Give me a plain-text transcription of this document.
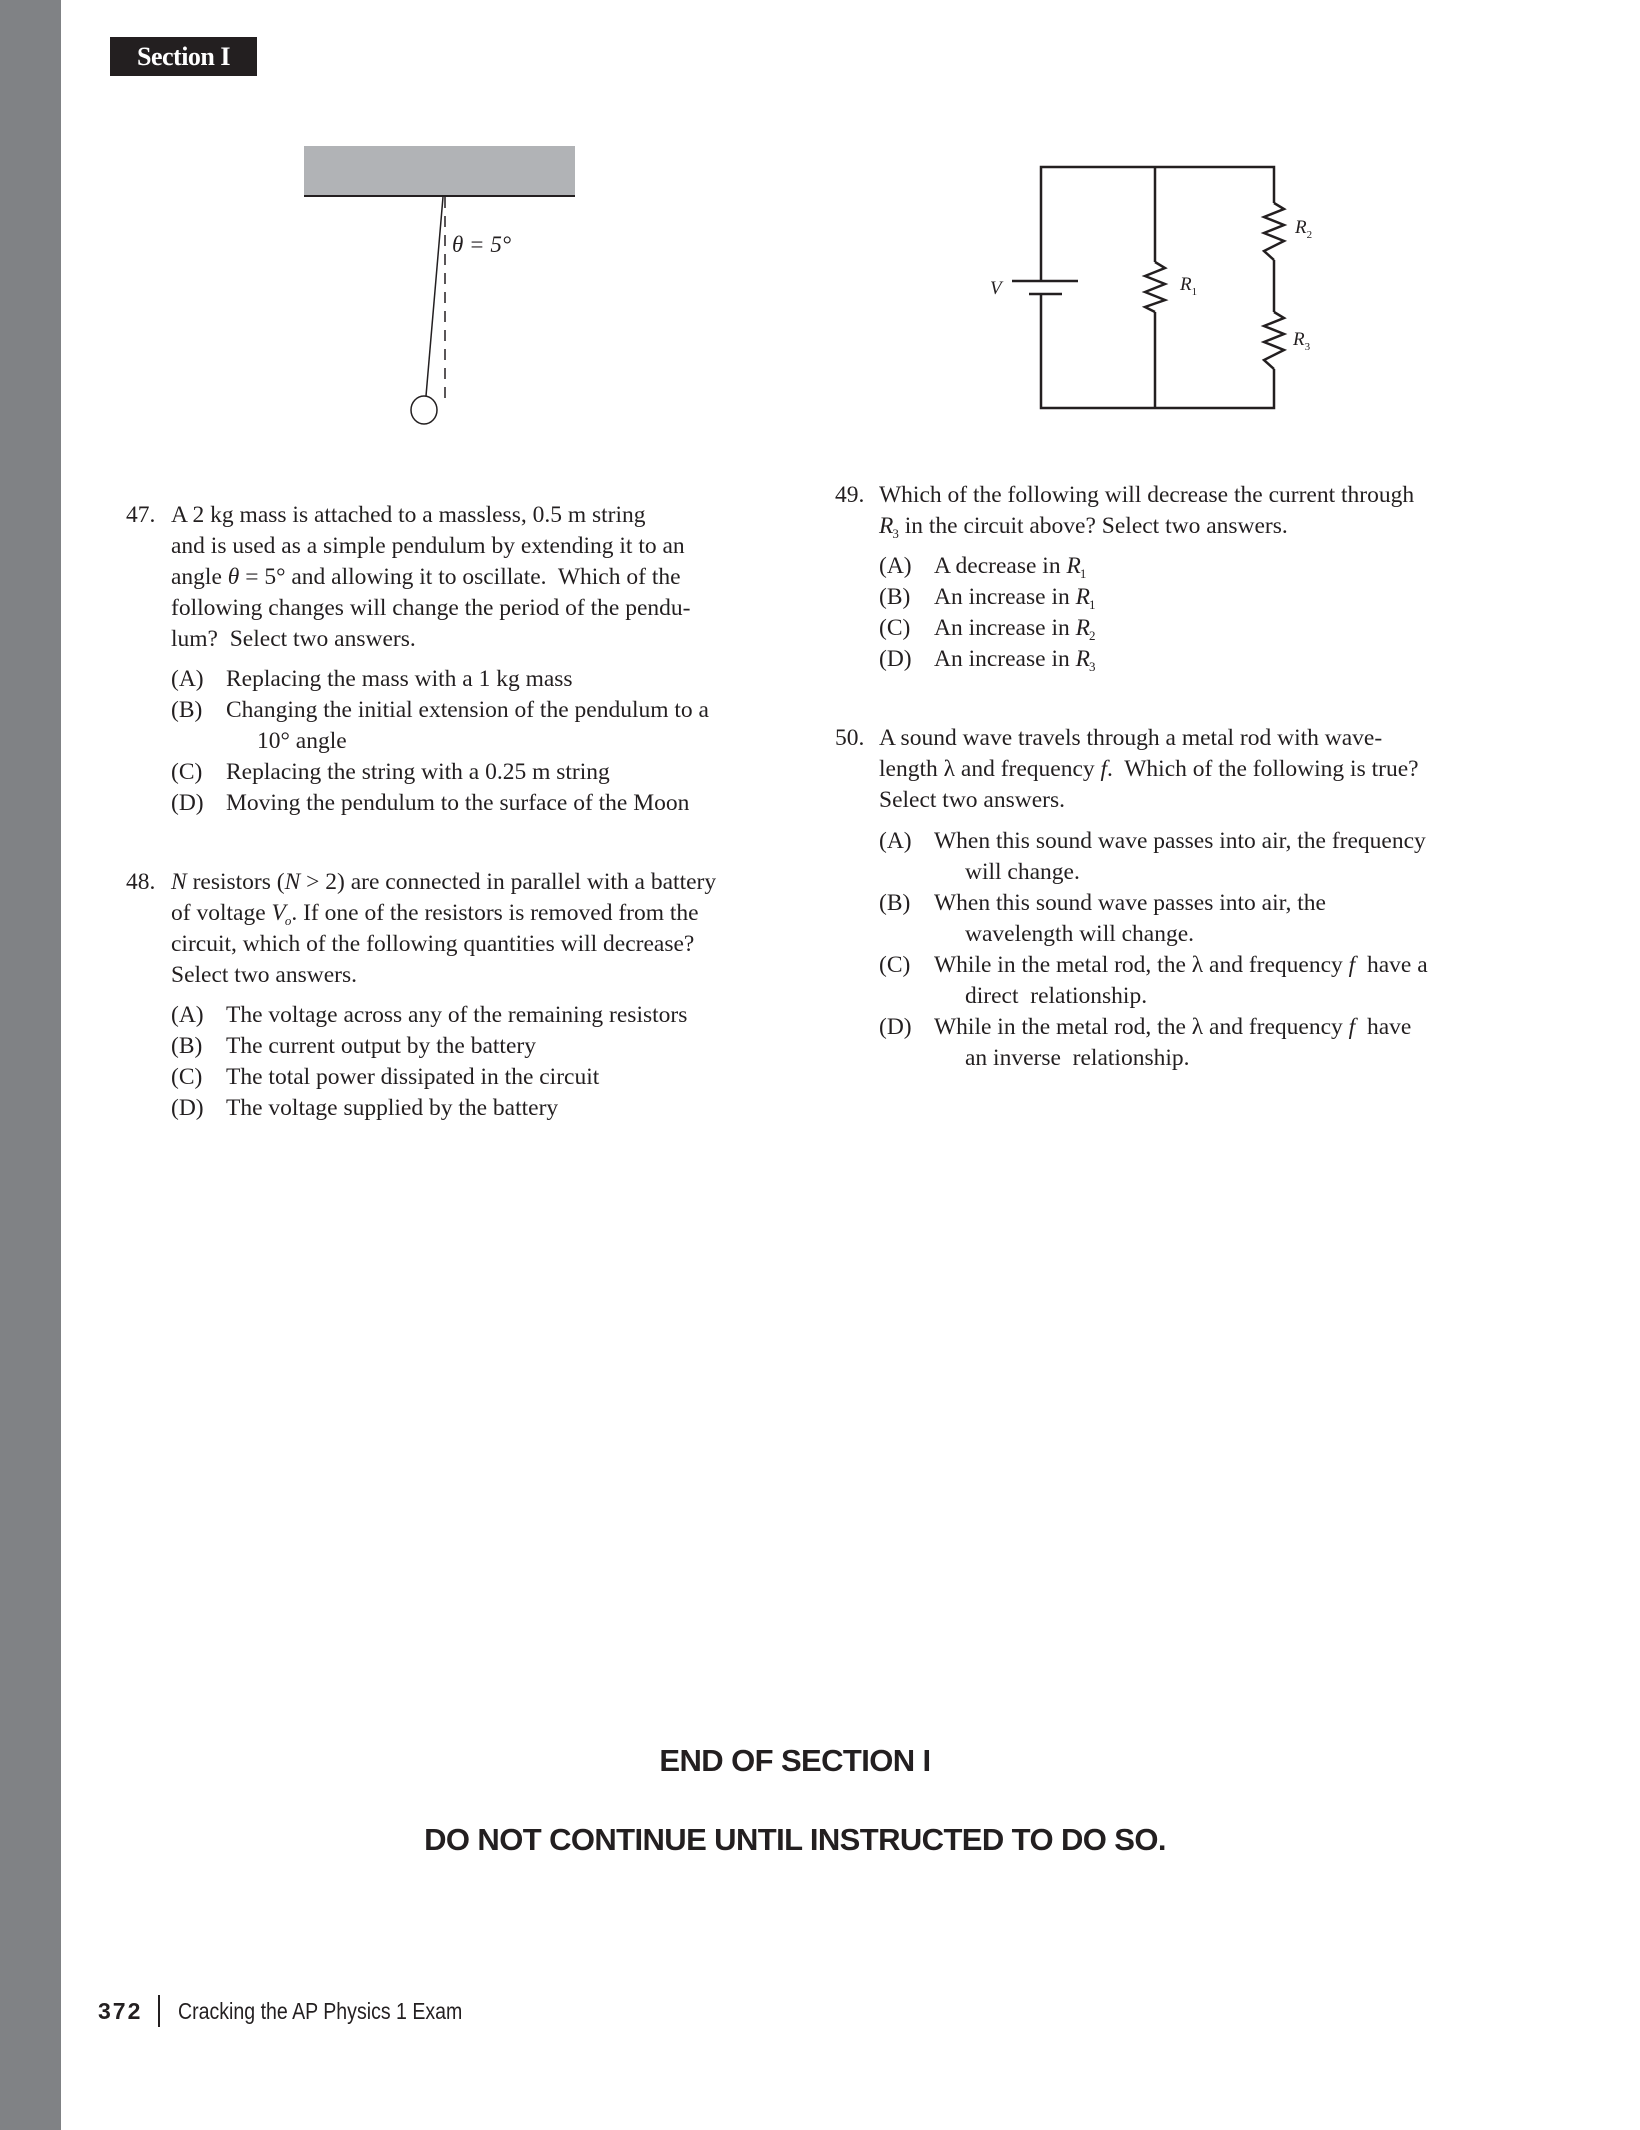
Section I
θ = 5°
V	$R_1$
$R_2$
$R_3$
47. A 2 kg mass is attached to a massless, 0.5 m string
and is used as a simple pendulum by extending it to an
angle θ = 5° and allowing it to oscillate.  Which of the
following changes will change the period of the pendu-
lum?  Select two answers.
(A) Replacing the mass with a 1 kg mass
(B) Changing the initial extension of the pendulum to a
10° angle
(C) Replacing the string with a 0.25 m string
(D) Moving the pendulum to the surface of the Moon
48. N resistors (N > 2) are connected in parallel with a battery
of voltage $V_o$. If one of the resistors is removed from the
circuit, which of the following quantities will decrease?
Select two answers.
(A) The voltage across any of the remaining resistors
(B) The current output by the battery
(C) The total power dissipated in the circuit
(D) The voltage supplied by the battery
49. Which of the following will decrease the current through
$R_3$ in the circuit above? Select two answers.
(A) A decrease in $R_1$
(B) An increase in $R_1$
(C) An increase in $R_2$
(D) An increase in $R_3$
50. A sound wave travels through a metal rod with wave-
length λ and frequency f.  Which of the following is true?
Select two answers.
(A) When this sound wave passes into air, the frequency
will change.
(B) When this sound wave passes into air, the
wavelength will change.
(C) While in the metal rod, the λ and frequency f  have a
direct  relationship.
(D) While in the metal rod, the λ and frequency f  have
an inverse  relationship.
END OF SECTION I
DO NOT CONTINUE UNTIL INSTRUCTED TO DO SO.
372 Cracking the AP Physics 1 Exam
